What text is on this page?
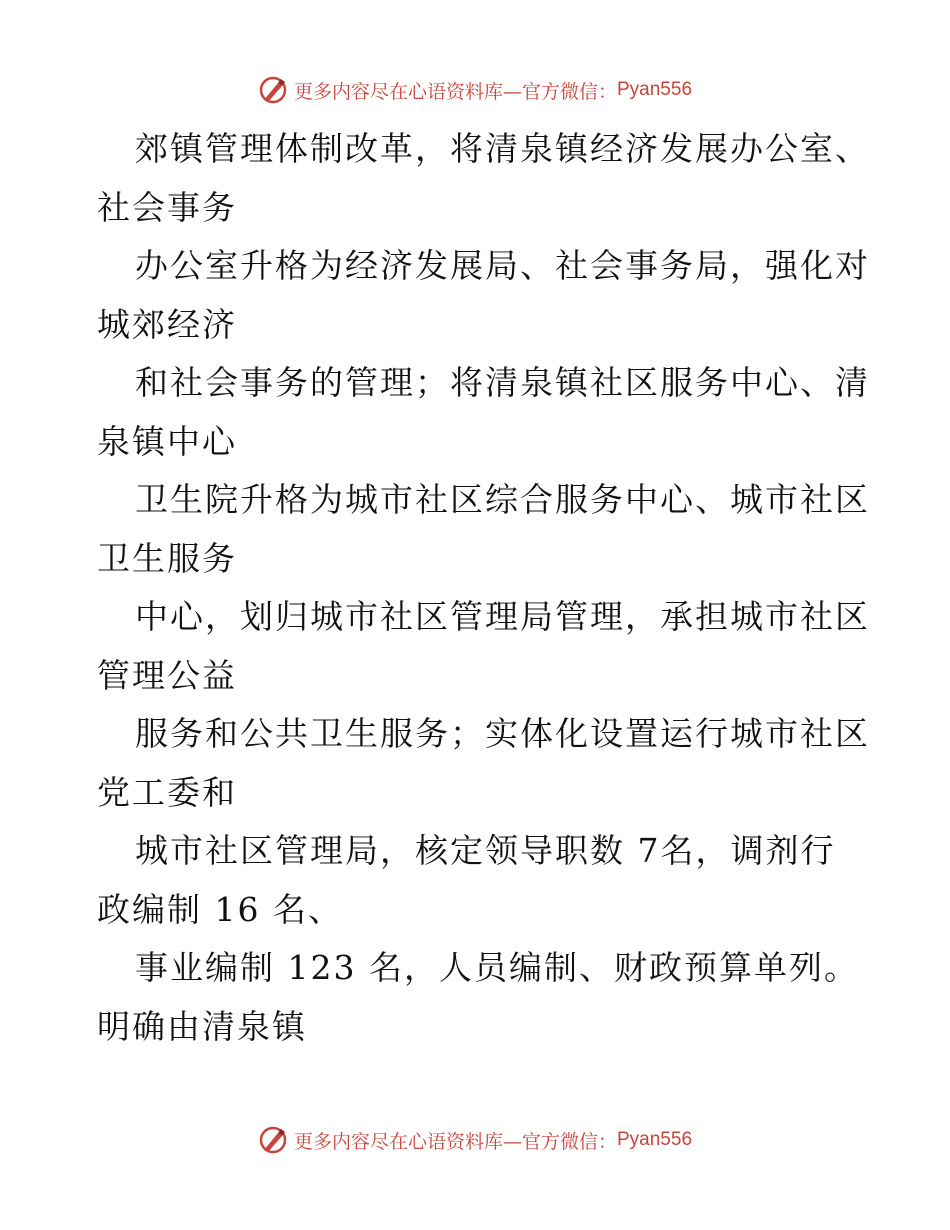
更多内容尽在心语资料库—官方微信： Pyan556
郊镇管理体制改革，将清泉镇经济发展办公室、
社会事务
办公室升格为经济发展局、社会事务局，强化对
城郊经济
和社会事务的管理；将清泉镇社区服务中心、清
泉镇中心
卫生院升格为城市社区综合服务中心、城市社区
卫生服务
中心，划归城市社区管理局管理，承担城市社区
管理公益
服务和公共卫生服务；实体化设置运行城市社区
党工委和
城市社区管理局，核定领导职数 7名，调剂行
政编制 16 名、
事业编制 123 名，人员编制、财政预算单列。
明确由清泉镇
更多内容尽在心语资料库—官方微信： Pyan556
